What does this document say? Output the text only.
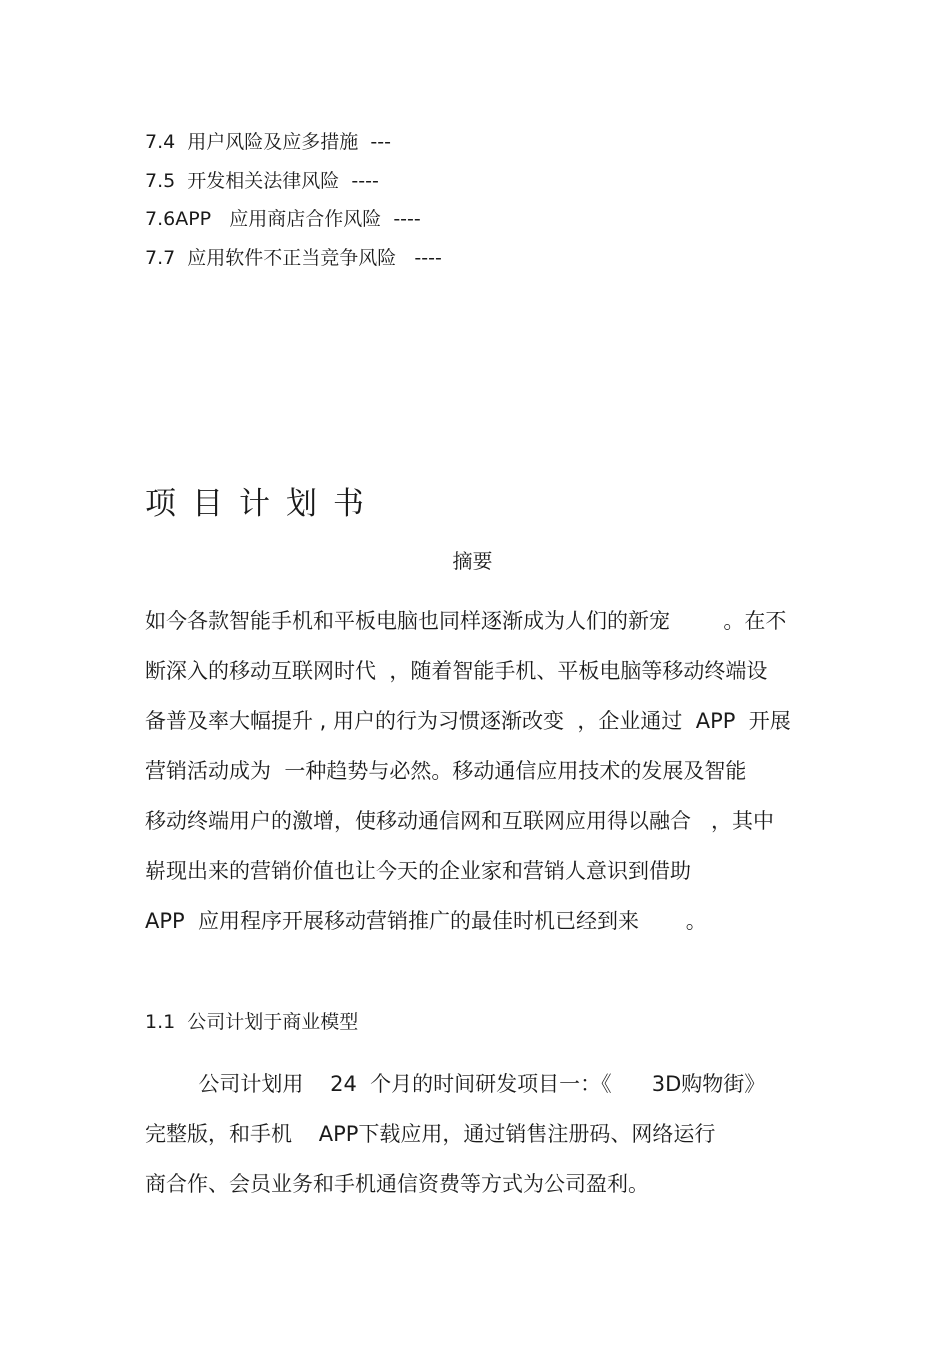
7.4  用户风险及应多措施  ---

7.5  开发相关法律风险  ----

7.6APP   应用商店合作风险  ----

7.7  应用软件不正当竞争风险   ----

项目计划书

摘要

如今各款智能手机和平板电脑也同样逐渐成为人们的新宠        。在不

断深入的移动互联网时代  ，随着智能手机、平板电脑等移动终端设

备普及率大幅提升 , 用户的行为习惯逐渐改变  ，企业通过  APP  开展

营销活动成为  一种趋势与必然。移动通信应用技术的发展及智能

移动终端用户的激增，使移动通信网和互联网应用得以融合   ，其中

崭现出来的营销价值也让今天的企业家和营销人意识到借助

APP  应用程序开展移动营销推广的最佳时机已经到来       。

1.1  公司计划于商业模型

公司计划用    24  个月的时间研发项目一：《      3D购物街》

完整版，和手机    APP下载应用，通过销售注册码、网络运行

商合作、会员业务和手机通信资费等方式为公司盈利。
